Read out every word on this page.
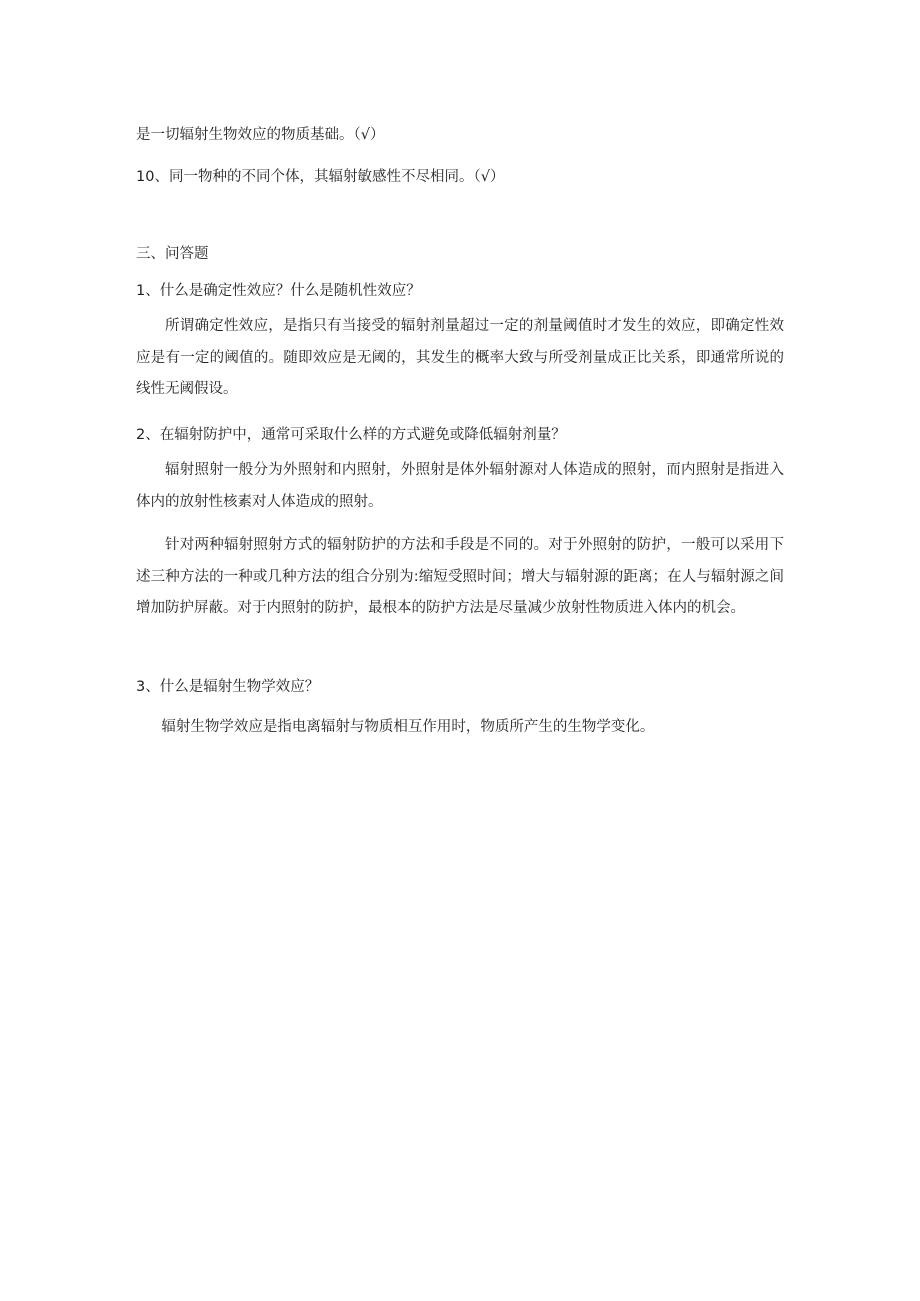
是一切辐射生物效应的物质基础。（√）
10、同一物种的不同个体，其辐射敏感性不尽相同。（√）
三、问答题
1、什么是确定性效应？什么是随机性效应？

所谓确定性效应，是指只有当接受的辐射剂量超过一定的剂量阈值时才发生的效应，即确定性效应是有一定的阈值的。随即效应是无阈的，其发生的概率大致与所受剂量成正比关系，即通常所说的线性无阈假设。

2、在辐射防护中，通常可采取什么样的方式避免或降低辐射剂量？

辐射照射一般分为外照射和内照射，外照射是体外辐射源对人体造成的照射，而内照射是指进入体内的放射性核素对人体造成的照射。

针对两种辐射照射方式的辐射防护的方法和手段是不同的。对于外照射的防护，一般可以采用下述三种方法的一种或几种方法的组合分别为:缩短受照时间；增大与辐射源的距离；在人与辐射源之间增加防护屏蔽。对于内照射的防护，最根本的防护方法是尽量减少放射性物质进入体内的机会。

3、什么是辐射生物学效应？

辐射生物学效应是指电离辐射与物质相互作用时，物质所产生的生物学变化。
